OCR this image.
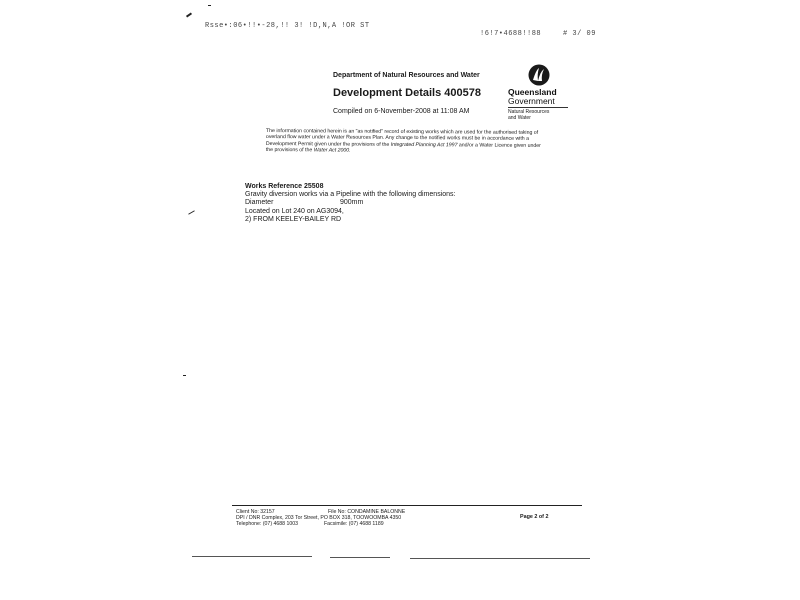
Rsse•:06•!!•-28,!! 3! !D,N,A !OR ST
!6!7•4688!!88	# 3/ 09
Department of Natural Resources and Water
Development Details 400578
Compiled on 6-November-2008 at 11:08 AM
Queensland
Government
Natural Resources
and Water
The information contained herein is an "as notified" record of existing works which are used for the authorised taking of overland flow water under a Water Resources Plan. Any change to the notified works must be in accordance with a Development Permit given under the provisions of the Integrated Planning Act 1997 and/or a Water Licence given under the provisions of the Water Act 2000.
Works Reference 25508
Gravity diversion works via a Pipeline with the following dimensions:
Diameter	900mm
Located on Lot 240 on AG3094,
2) FROM KEELEY-BAILEY RD
Client No: 32157	File No: CONDAMINE BALONNE
DPI / DNR Complex, 203 Tor Street, PO BOX 318, TOOWOOMBA 4350
Telephone: (07) 4688 1003	Facsimile: (07) 4688 1189
Page 2 of 2
